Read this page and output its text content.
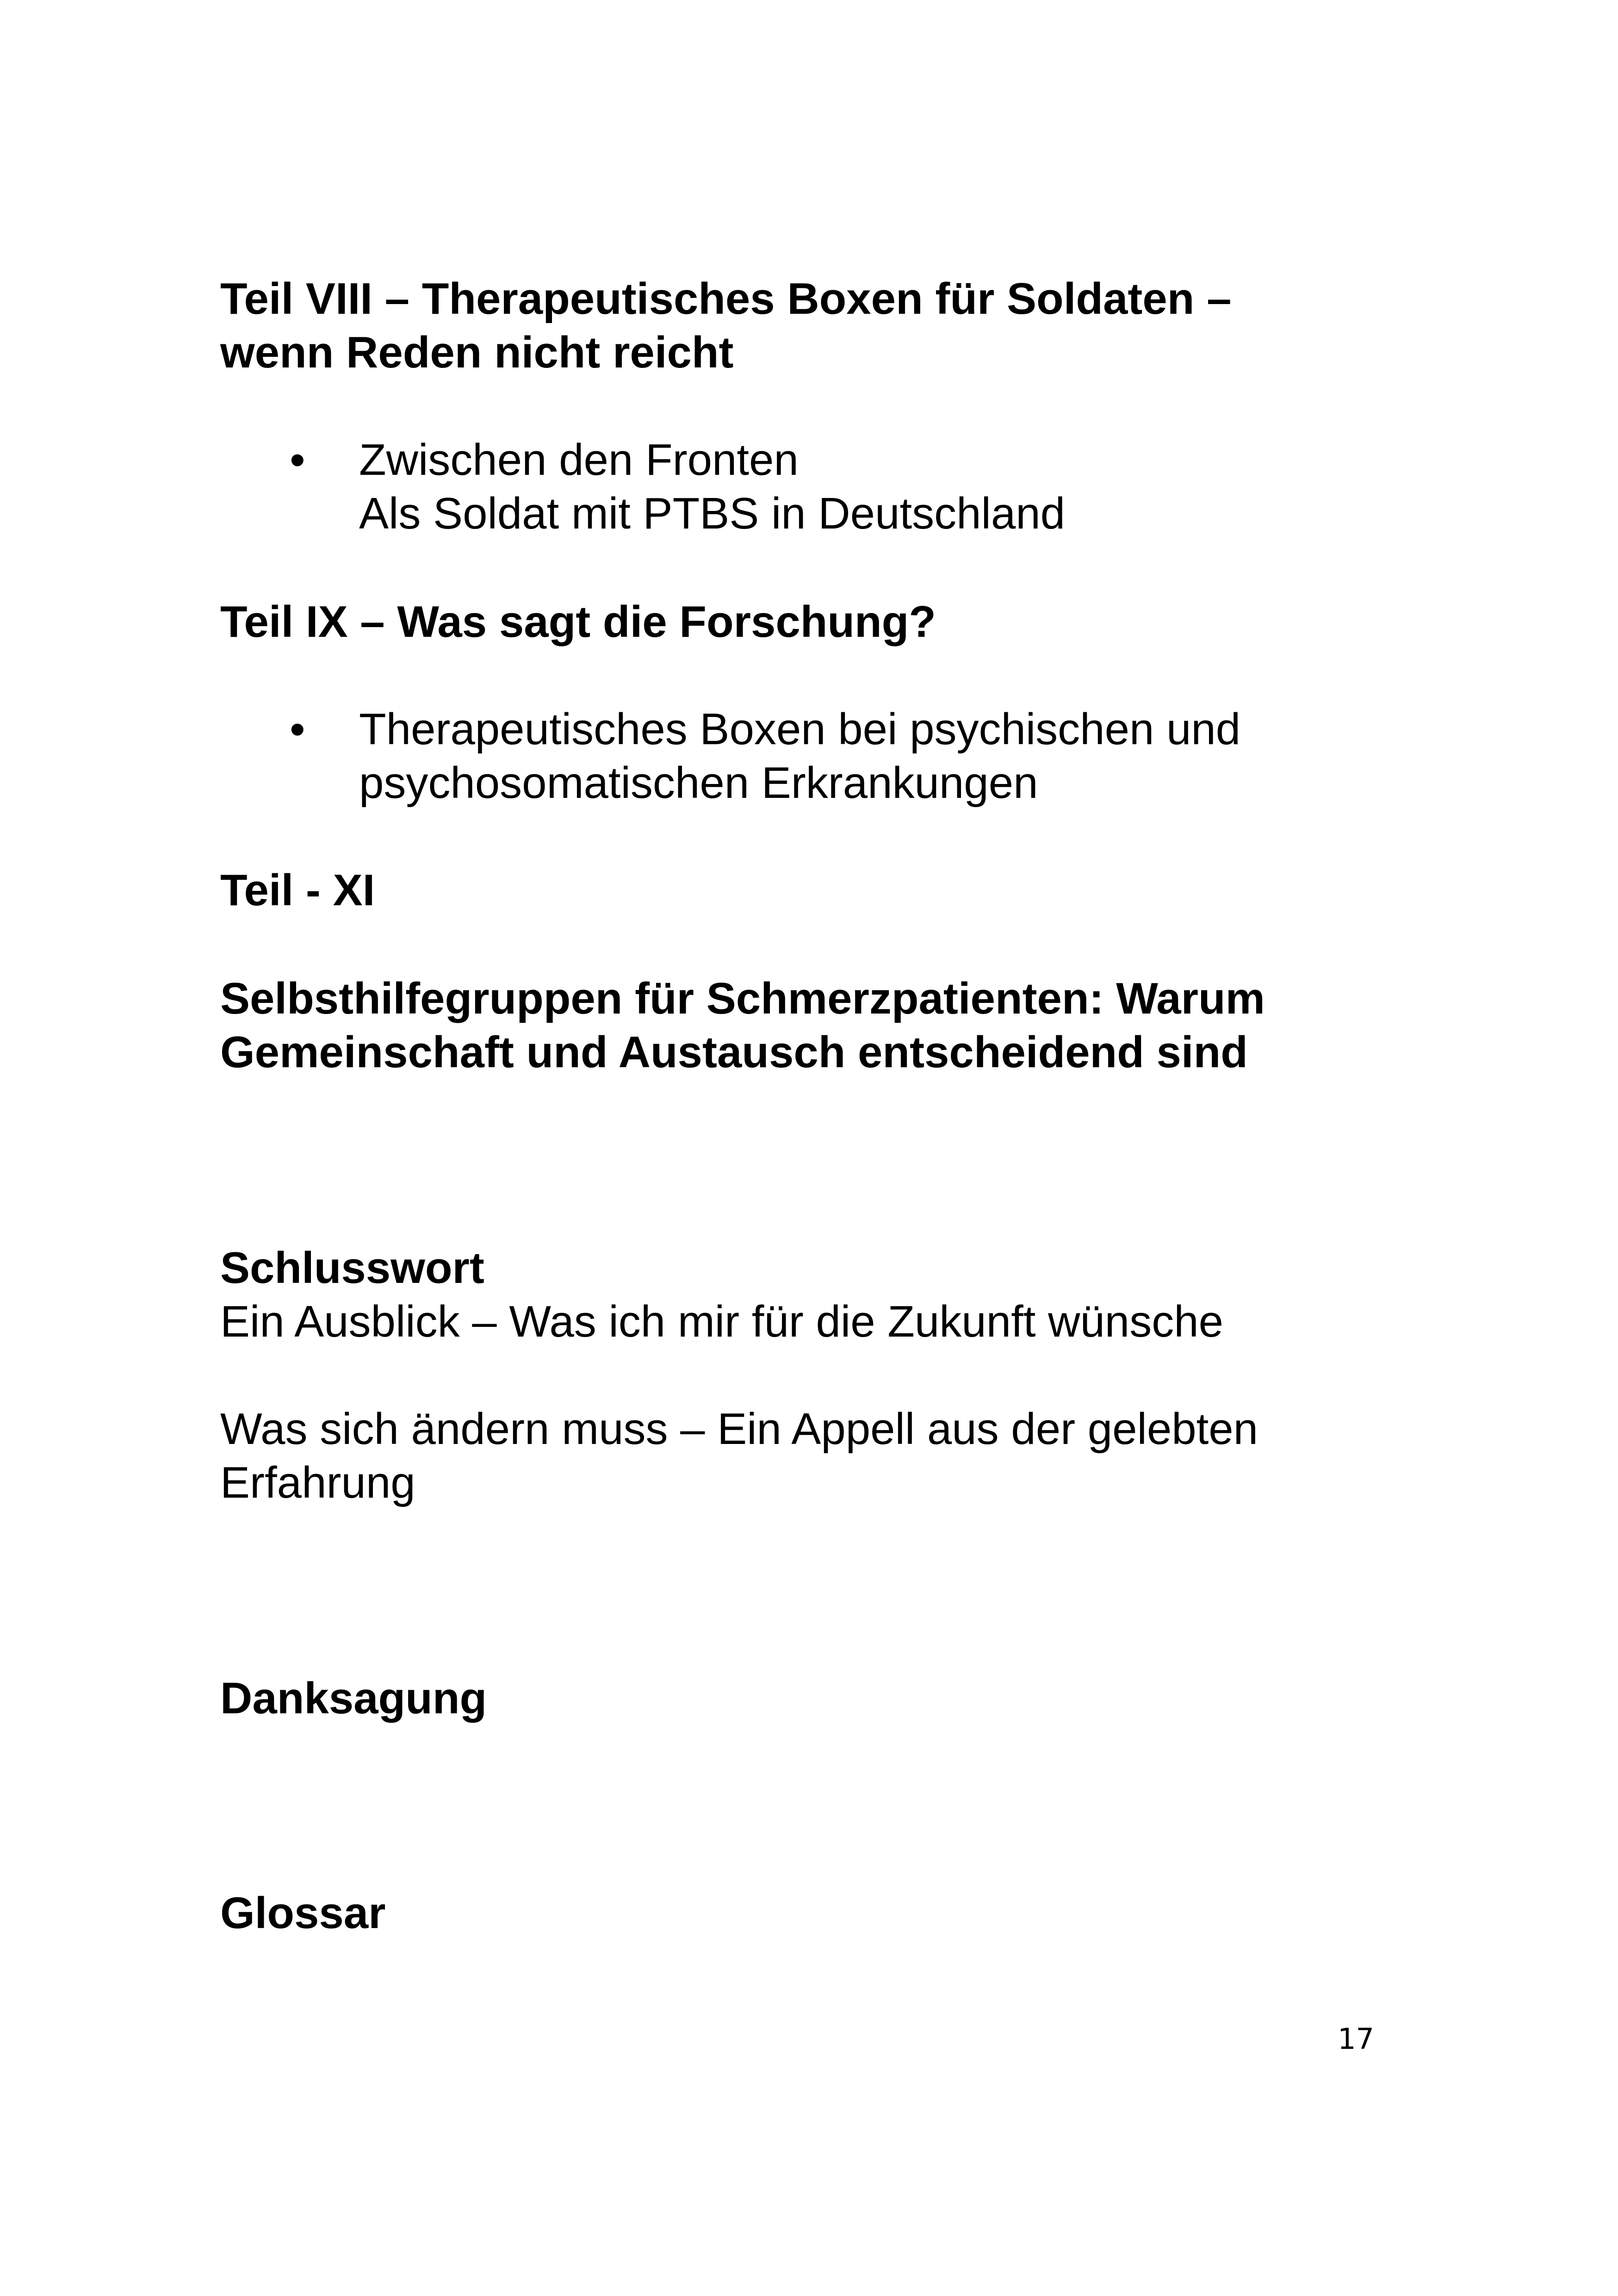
Teil VIII – Therapeutisches Boxen für Soldaten –
wenn Reden nicht reicht
• Zwischen den Fronten
Als Soldat mit PTBS in Deutschland
Teil IX – Was sagt die Forschung?
• Therapeutisches Boxen bei psychischen und
psychosomatischen Erkrankungen
Teil - XI
Selbsthilfegruppen für Schmerzpatienten: Warum
Gemeinschaft und Austausch entscheidend sind
Schlusswort
Ein Ausblick – Was ich mir für die Zukunft wünsche
Was sich ändern muss – Ein Appell aus der gelebten
Erfahrung
Danksagung
Glossar
17
